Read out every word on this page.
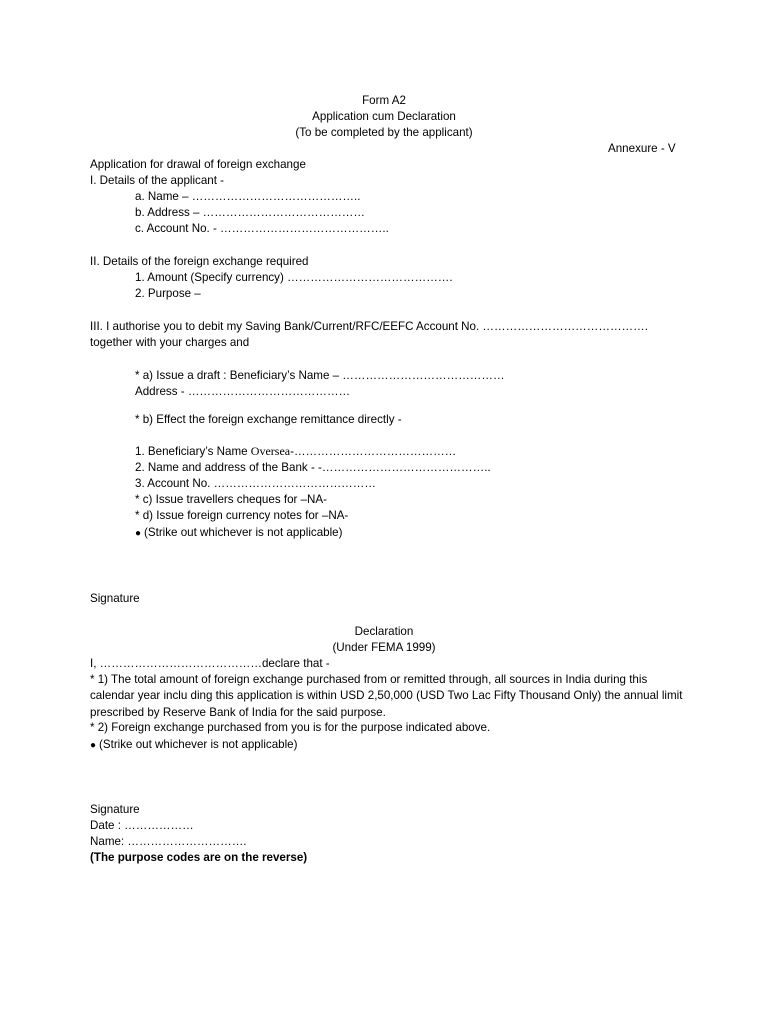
Form A2
Application cum Declaration
(To be completed by the applicant)
Annexure - V
Application for drawal of foreign exchange
I. Details of the applicant -
a. Name – ……………………………………..
b. Address – ……………………………………
c. Account No. - ……………………………………..
II. Details of the foreign exchange required
1. Amount (Specify currency) …………………………………….
2. Purpose –
III. I authorise you to debit my Saving Bank/Current/RFC/EEFC Account No. …………………………………….
together with your charges and
* a) Issue a draft : Beneficiary’s Name – ……………………………………
Address - ……………………………………
* b) Effect the foreign exchange remittance directly -
1. Beneficiary’s Name Oversea-……………………………………
2. Name and address of the Bank - -……………………………………..
3. Account No. ……………………………………
* c) Issue travellers cheques for –NA-
* d) Issue foreign currency notes for –NA-
● (Strike out whichever is not applicable)
Signature
Declaration
(Under FEMA 1999)
I, ……………………………………declare that -
* 1) The total amount of foreign exchange purchased from or remitted through, all sources in India during this calendar year inclu ding this application is within USD 2,50,000 (USD Two Lac Fifty Thousand Only) the annual limit prescribed by Reserve Bank of India for the said purpose.
* 2) Foreign exchange purchased from you is for the purpose indicated above.
● (Strike out whichever is not applicable)
Signature
Date : ………………
Name: ………………………….
(The purpose codes are on the reverse)
